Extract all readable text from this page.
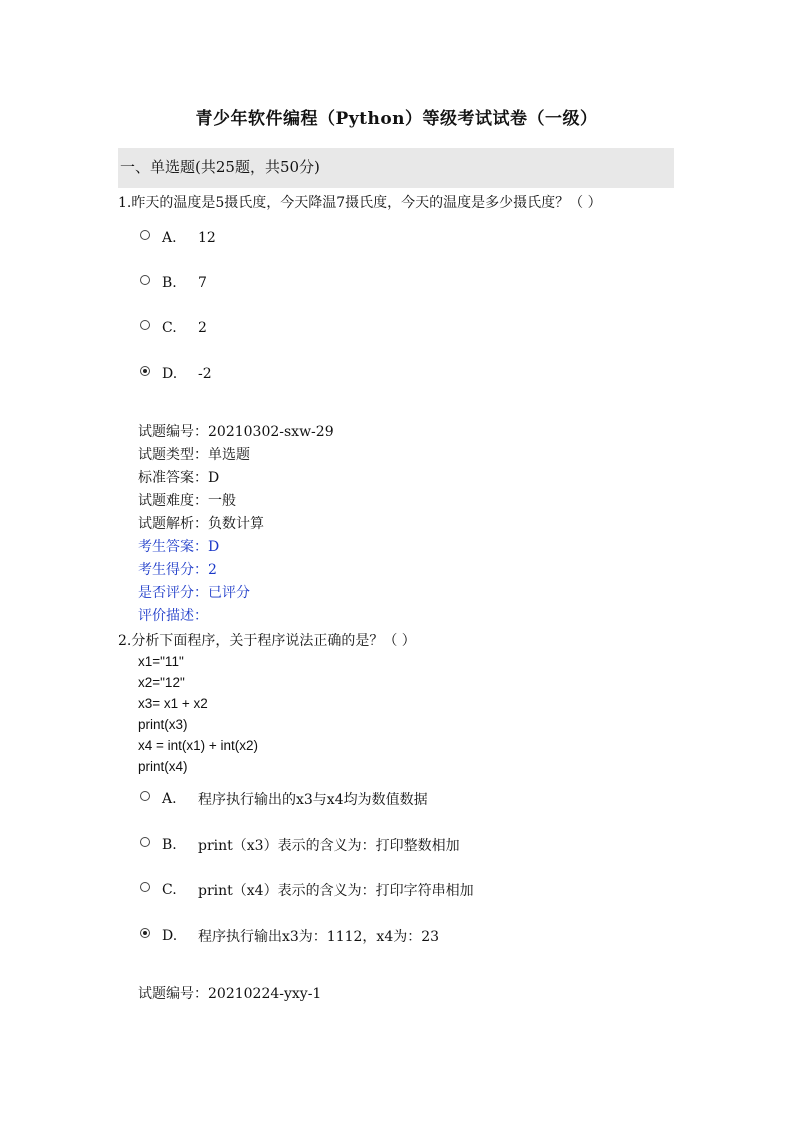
青少年软件编程（Python）等级考试试卷（一级）
一、单选题(共25题，共50分)
1.昨天的温度是5摄氏度，今天降温7摄氏度，今天的温度是多少摄氏度？（ ）
A.	12
B.	7
C.	2
D.	-2
试题编号：20210302-sxw-29
试题类型：单选题
标准答案：D
试题难度：一般
试题解析：负数计算
考生答案：D
考生得分：2
是否评分：已评分
评价描述：
2.分析下面程序，关于程序说法正确的是？（ ）
x1="11"
x2="12"
x3= x1 + x2
print(x3)
x4 = int(x1) + int(x2)
print(x4)
A.	程序执行输出的x3与x4均为数值数据
B.	print（x3）表示的含义为：打印整数相加
C.	print（x4）表示的含义为：打印字符串相加
D.	程序执行输出x3为：1112，x4为：23
试题编号：20210224-yxy-1
